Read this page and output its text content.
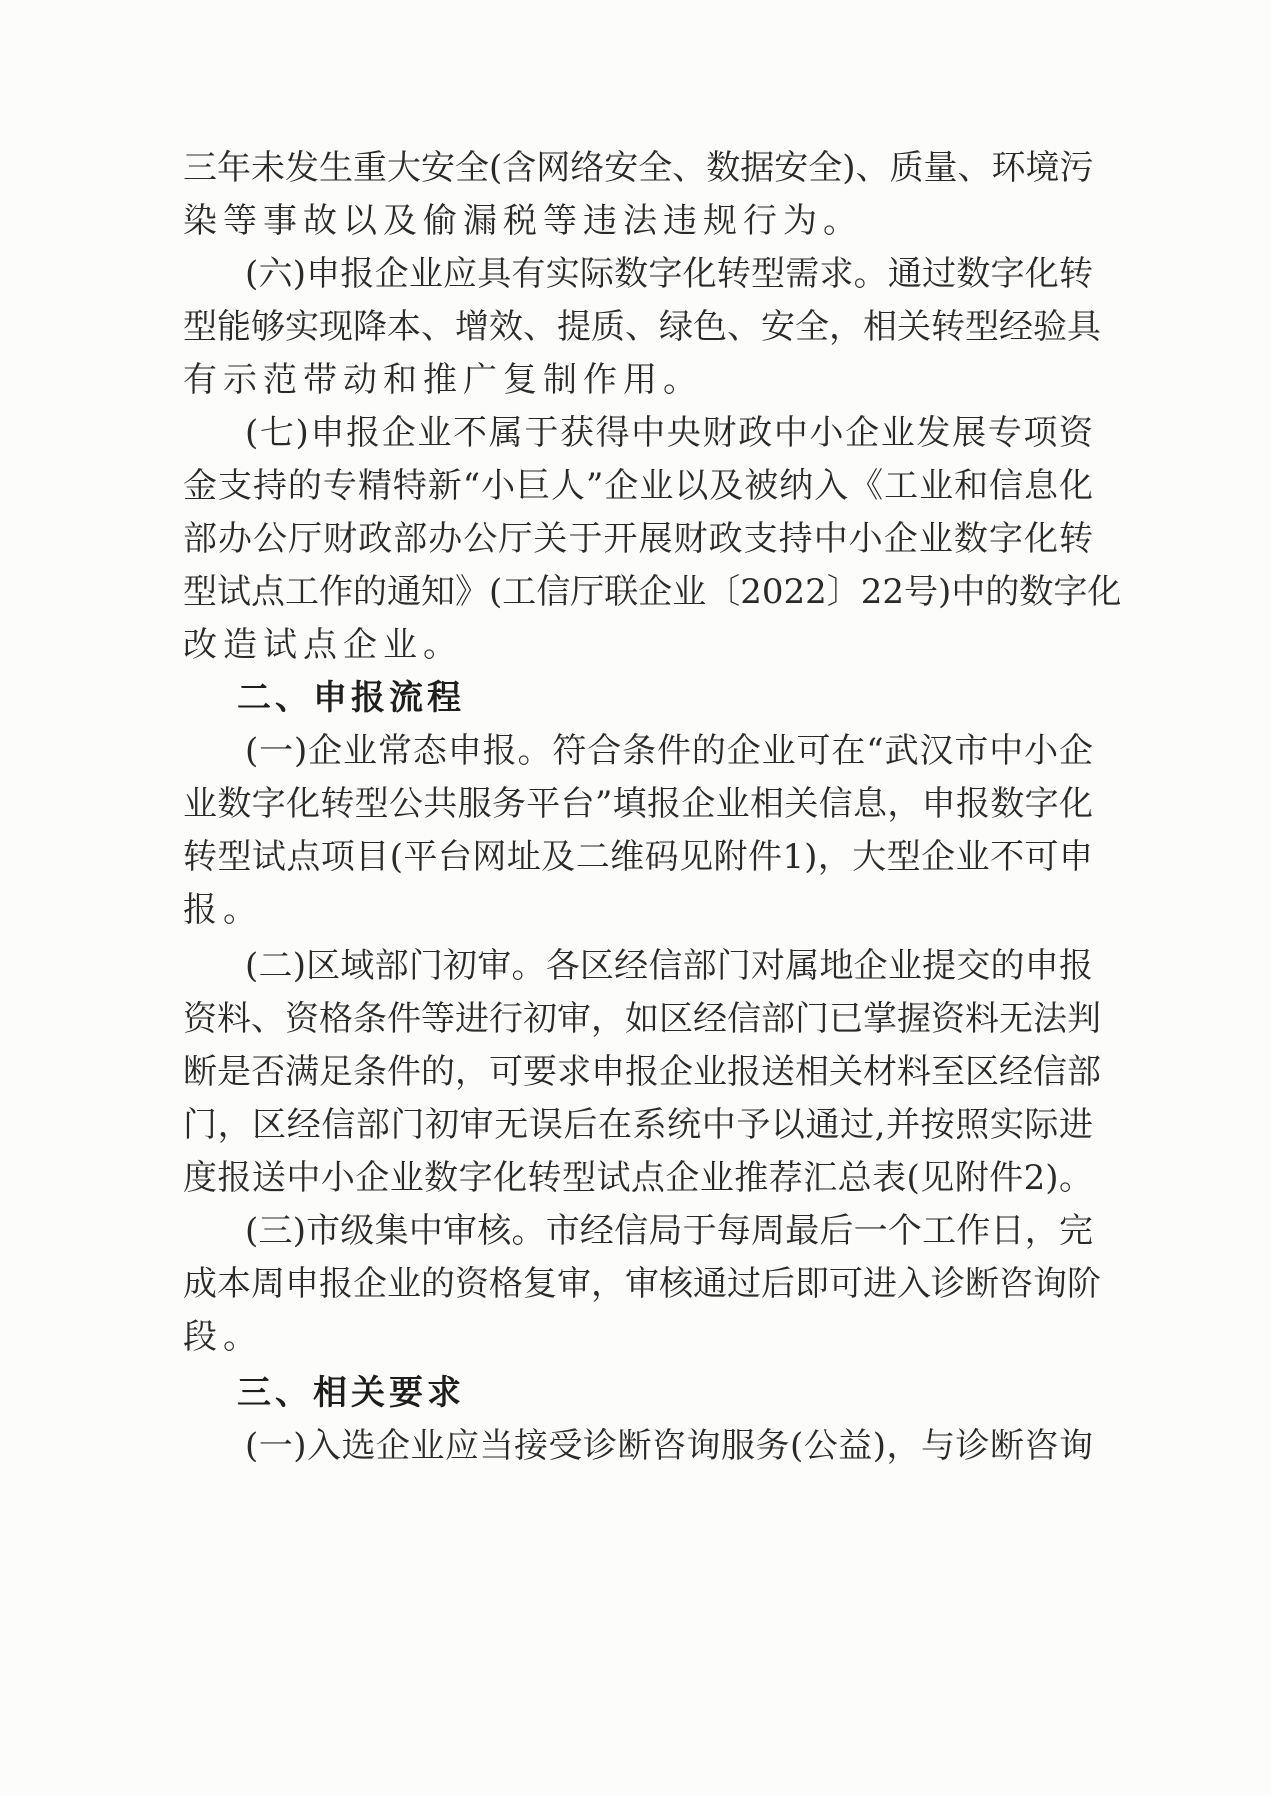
三年未发生重大安全(含网络安全、数据安全)、质量、环境污
染等事故以及偷漏税等违法违规行为。
(六)申报企业应具有实际数字化转型需求。通过数字化转
型能够实现降本、增效、提质、绿色、安全，相关转型经验具
有示范带动和推广复制作用。
(七)申报企业不属于获得中央财政中小企业发展专项资
金支持的专精特新“小巨人”企业以及被纳入《工业和信息化
部办公厅财政部办公厅关于开展财政支持中小企业数字化转
型试点工作的通知》(工信厅联企业〔2022〕22号)中的数字化
改造试点企业。
(一)企业常态申报。符合条件的企业可在“武汉市中小企
业数字化转型公共服务平台”填报企业相关信息，申报数字化
转型试点项目(平台网址及二维码见附件1)，大型企业不可申
报。
(二)区域部门初审。各区经信部门对属地企业提交的申报
资料、资格条件等进行初审，如区经信部门已掌握资料无法判
断是否满足条件的，可要求申报企业报送相关材料至区经信部
门，区经信部门初审无误后在系统中予以通过,并按照实际进
度报送中小企业数字化转型试点企业推荐汇总表(见附件2)。
(三)市级集中审核。市经信局于每周最后一个工作日，完
成本周申报企业的资格复审，审核通过后即可进入诊断咨询阶
段。
(一)入选企业应当接受诊断咨询服务(公益)，与诊断咨询
二、申报流程
三、相关要求
